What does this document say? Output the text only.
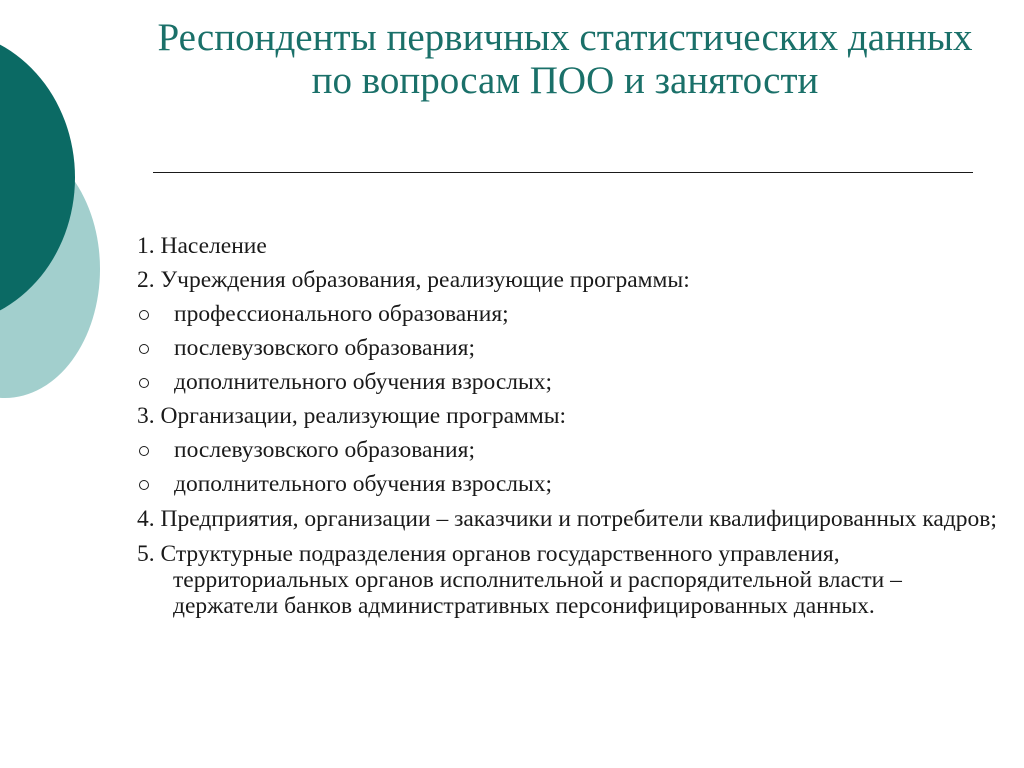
Респонденты первичных статистических данных по вопросам ПОО и занятости
1. Население
2. Учреждения образования, реализующие программы:
профессионального образования;
послевузовского образования;
дополнительного обучения взрослых;
3. Организации, реализующие программы:
послевузовского образования;
дополнительного обучения взрослых;
4. Предприятия, организации – заказчики и потребители квалифицированных кадров;
5. Структурные подразделения органов государственного управления, территориальных органов исполнительной и распорядительной власти – держатели банков административных персонифицированных данных.
